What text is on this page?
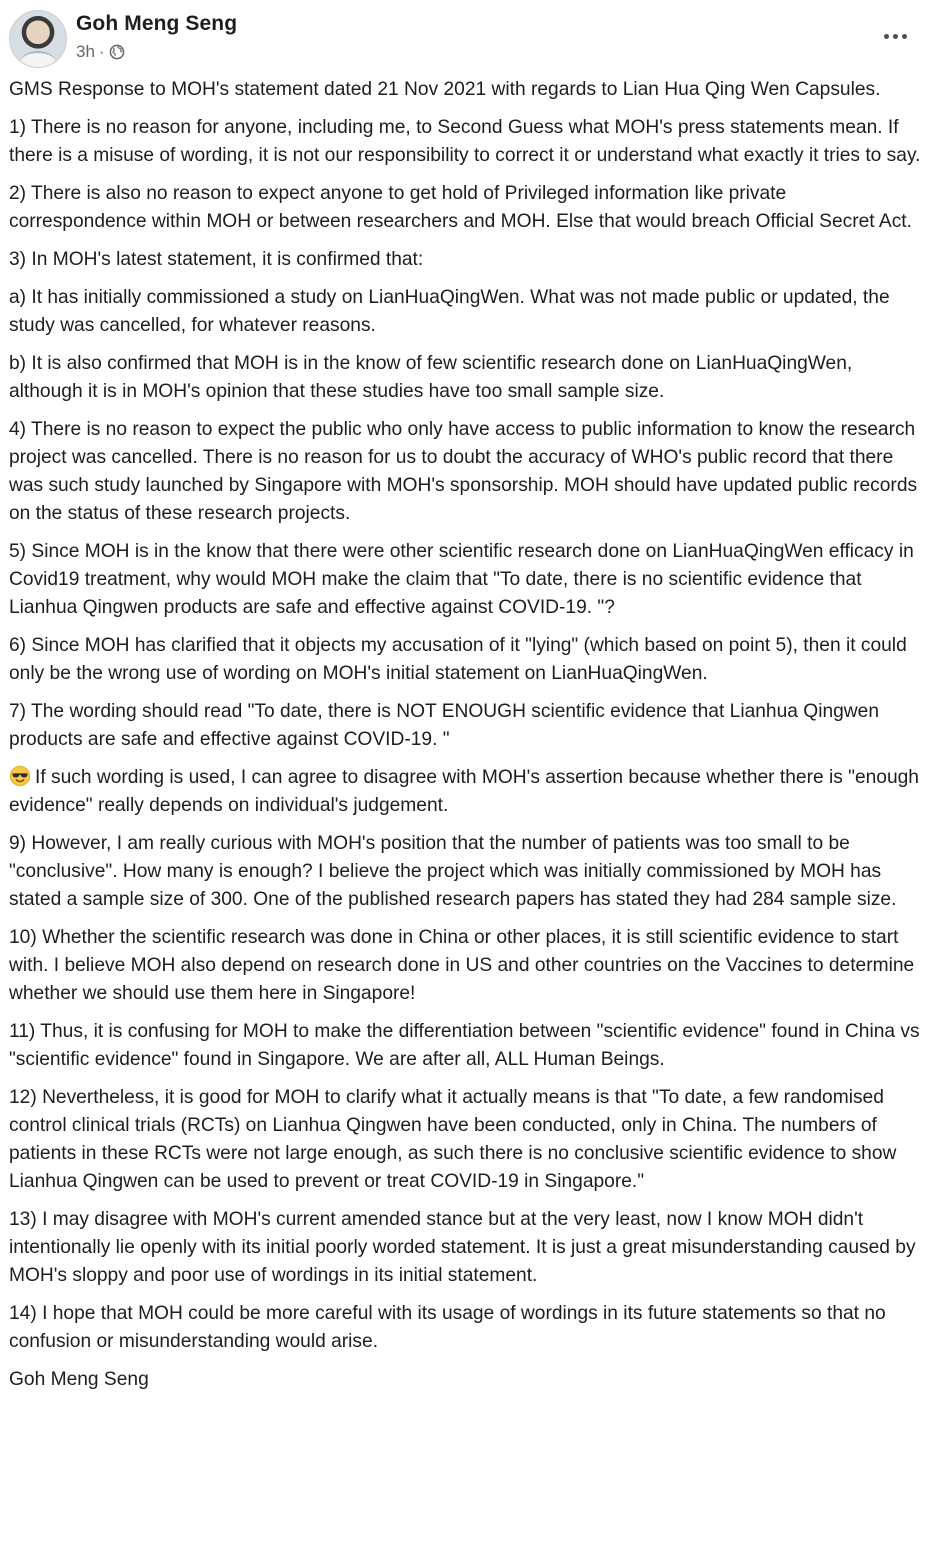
Goh Meng Seng
3h ·

GMS Response to MOH's statement dated 21 Nov 2021 with regards to Lian Hua Qing Wen Capsules.

1) There is no reason for anyone, including me, to Second Guess what MOH's press statements mean. If there is a misuse of wording, it is not our responsibility to correct it or understand what exactly it tries to say.

2) There is also no reason to expect anyone to get hold of Privileged information like private correspondence within MOH or between researchers and MOH. Else that would breach Official Secret Act.

3) In MOH's latest statement, it is confirmed that:

a) It has initially commissioned a study on LianHuaQingWen. What was not made public or updated, the study was cancelled, for whatever reasons.

b) It is also confirmed that MOH is in the know of few scientific research done on LianHuaQingWen, although it is in MOH's opinion that these studies have too small sample size.

4) There is no reason to expect the public who only have access to public information to know the research project was cancelled. There is no reason for us to doubt the accuracy of WHO's public record that there was such study launched by Singapore with MOH's sponsorship. MOH should have updated public records on the status of these research projects.

5) Since MOH is in the know that there were other scientific research done on LianHuaQingWen efficacy in Covid19 treatment, why would MOH make the claim that "To date, there is no scientific evidence that Lianhua Qingwen products are safe and effective against COVID-19. "?

6) Since MOH has clarified that it objects my accusation of it "lying" (which based on point 5), then it could only be the wrong use of wording on MOH's initial statement on LianHuaQingWen.

7) The wording should read "To date, there is NOT ENOUGH scientific evidence that Lianhua Qingwen products are safe and effective against COVID-19. "

If such wording is used, I can agree to disagree with MOH's assertion because whether there is "enough evidence" really depends on individual's judgement.

9) However, I am really curious with MOH's position that the number of patients was too small to be "conclusive". How many is enough? I believe the project which was initially commissioned by MOH has stated a sample size of 300. One of the published research papers has stated they had 284 sample size.

10) Whether the scientific research was done in China or other places, it is still scientific evidence to start with. I believe MOH also depend on research done in US and other countries on the Vaccines to determine whether we should use them here in Singapore!

11) Thus, it is confusing for MOH to make the differentiation between "scientific evidence" found in China vs "scientific evidence" found in Singapore. We are after all, ALL Human Beings.

12) Nevertheless, it is good for MOH to clarify what it actually means is that "To date, a few randomised control clinical trials (RCTs) on Lianhua Qingwen have been conducted, only in China. The numbers of patients in these RCTs were not large enough, as such there is no conclusive scientific evidence to show Lianhua Qingwen can be used to prevent or treat COVID-19 in Singapore."

13) I may disagree with MOH's current amended stance but at the very least, now I know MOH didn't intentionally lie openly with its initial poorly worded statement. It is just a great misunderstanding caused by MOH's sloppy and poor use of wordings in its initial statement.

14) I hope that MOH could be more careful with its usage of wordings in its future statements so that no confusion or misunderstanding would arise.

Goh Meng Seng
